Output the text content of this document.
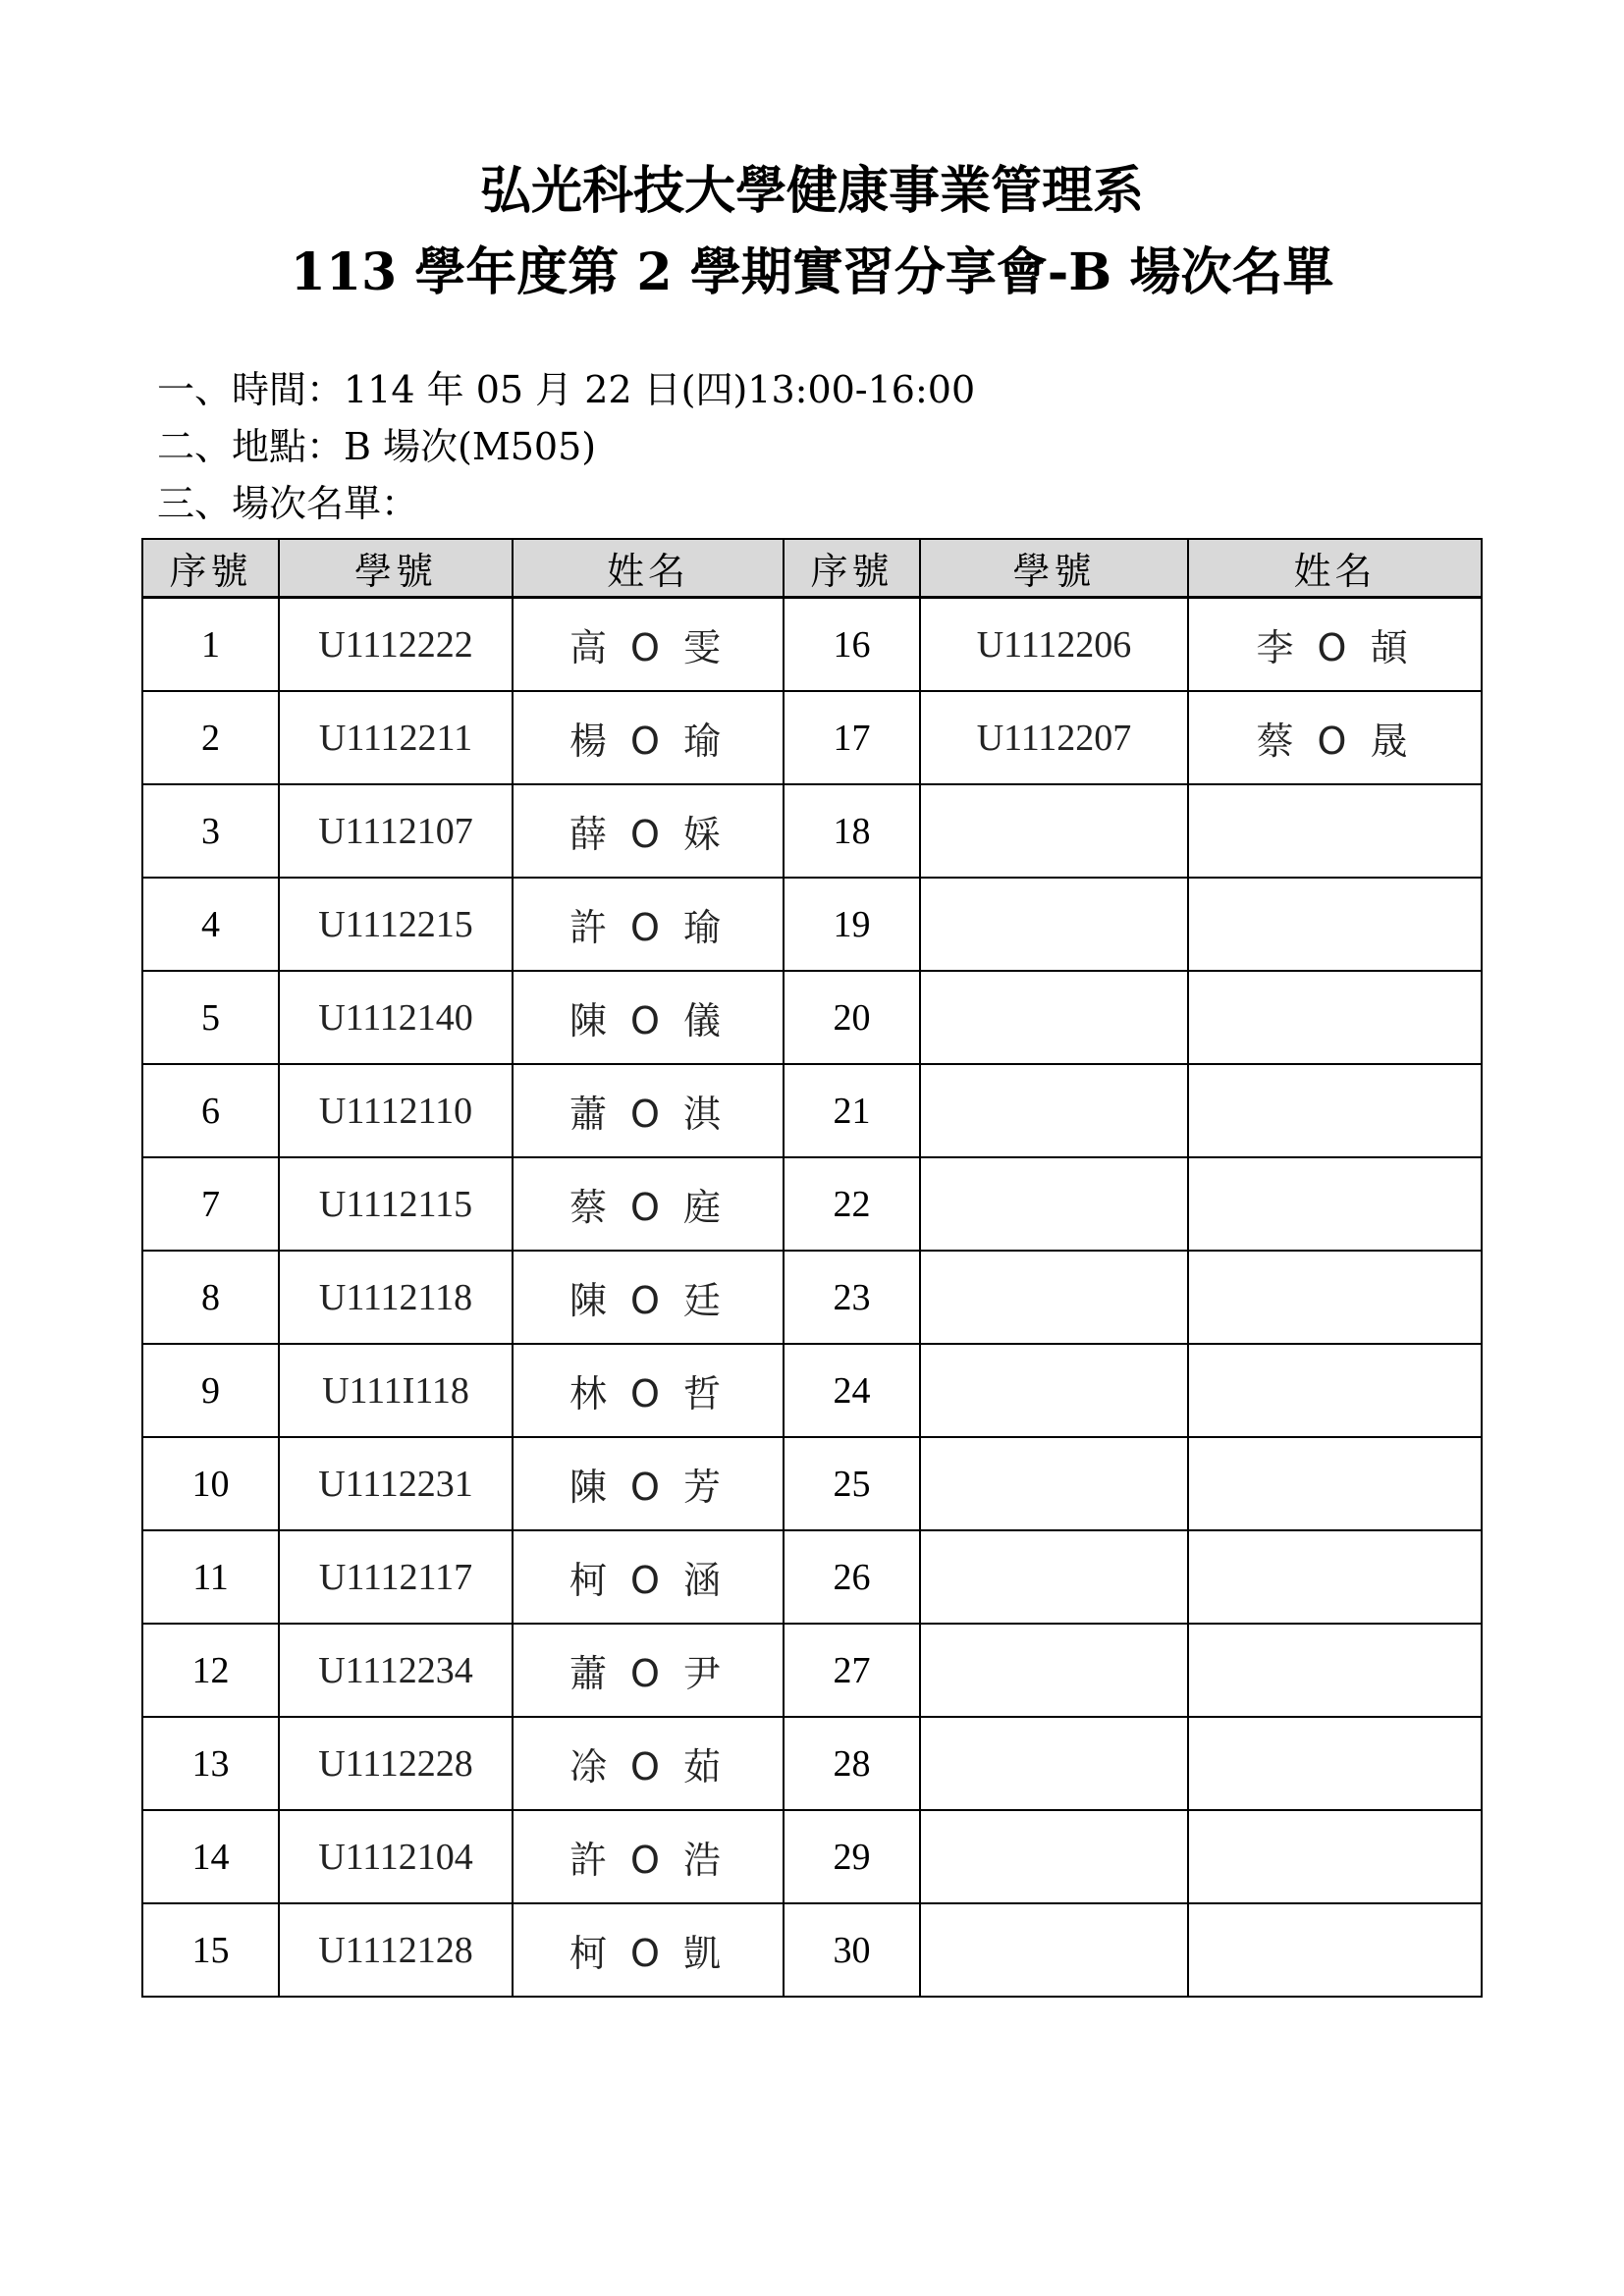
弘光科技大學健康事業管理系
113 學年度第 2 學期實習分享會-B 場次名單
一、時間：114 年 05 月 22 日(四)13:00-16:00
二、地點：B 場次(M505)
三、場次名單：
序號	學號	姓名	序號	學號	姓名
1	U1112222	高 O 雯	16	U1112206	李 O 頡
2	U1112211	楊 O 瑜	17	U1112207	蔡 O 晟
3	U1112107	薛 O 婇	18		
4	U1112215	許 O 瑜	19		
5	U1112140	陳 O 儀	20		
6	U1112110	蕭 O 淇	21		
7	U1112115	蔡 O 庭	22		
8	U1112118	陳 O 廷	23		
9	U111I118	林 O 哲	24		
10	U1112231	陳 O 芳	25		
11	U1112117	柯 O 涵	26		
12	U1112234	蕭 O 尹	27		
13	U1112228	凃 O 茹	28		
14	U1112104	許 O 浩	29		
15	U1112128	柯 O 凱	30		
